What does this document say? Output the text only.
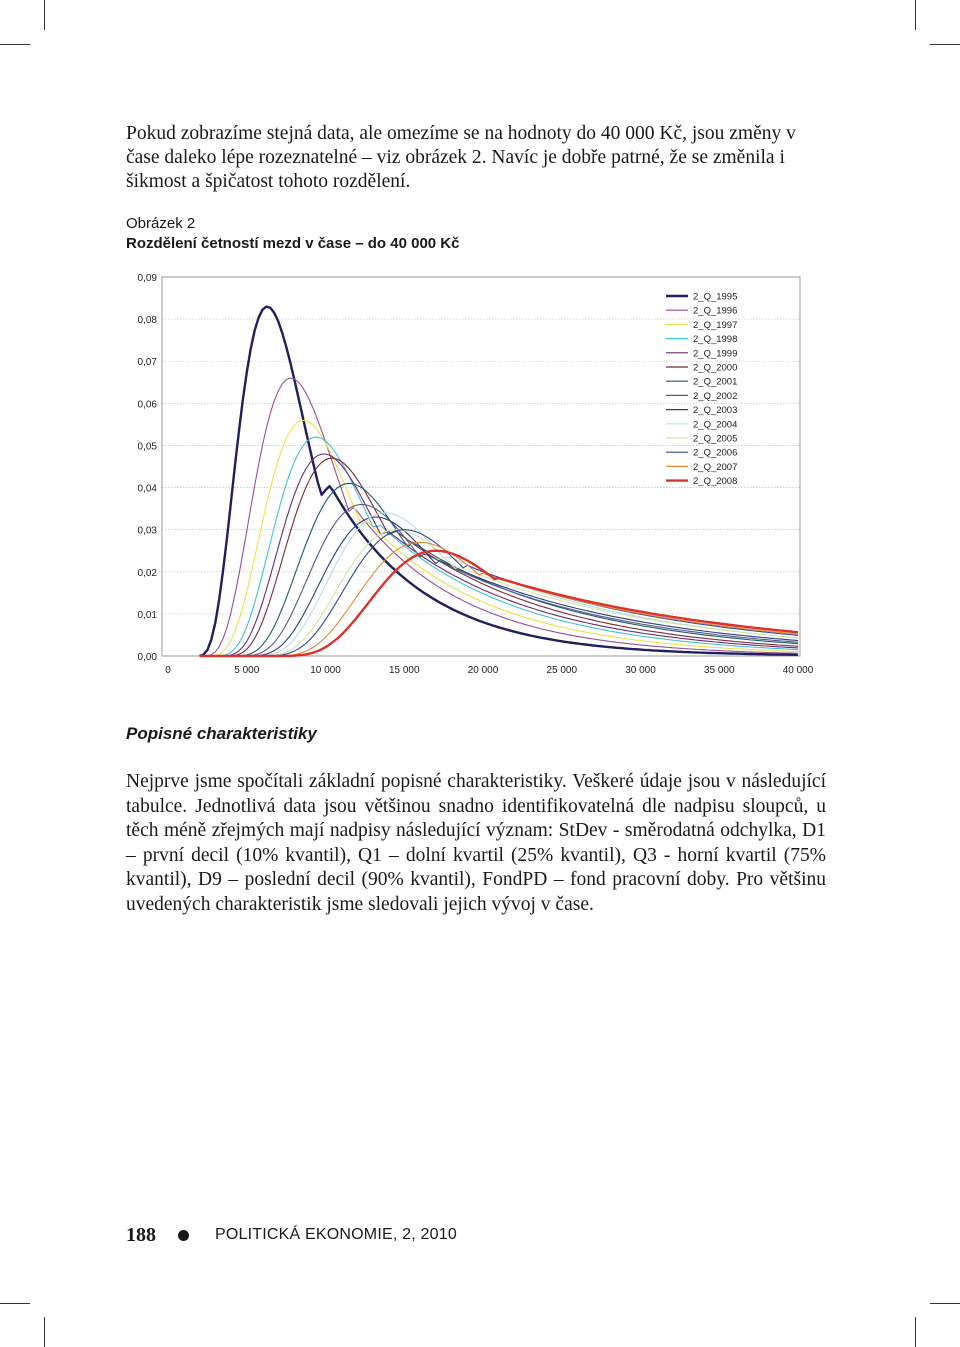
Pokud zobrazíme stejná data, ale omezíme se na hodnoty do 40 000 Kč, jsou změny v čase daleko lépe rozeznatelné – viz obrázek 2. Navíc je dobře patrné, že se změnila i šikmost a špičatost tohoto rozdělení.

Obrázek 2
Rozdělení četností mezd v čase – do 40 000 Kč
0,00
0,01
0,02
0,03
0,04
0,05
0,06
0,07
0,08
0,09
0	5 000	10 000	15 000	20 000	25 000	30 000	35 000	40 000
2_Q_1995
2_Q_1996
2_Q_1997
2_Q_1998
2_Q_1999
2_Q_2000
2_Q_2001
2_Q_2002
2_Q_2003
2_Q_2004
2_Q_2005
2_Q_2006
2_Q_2007
2_Q_2008
Popisné charakteristiky

Nejprve jsme spočítali základní popisné charakteristiky. Veškeré údaje jsou v následující tabulce. Jednotlivá data jsou většinou snadno identifikovatelná dle nadpisu sloupců, u těch méně zřejmých mají nadpisy následující význam: StDev - směrodatná odchylka, D1 – první decil (10% kvantil), Q1 – dolní kvartil (25% kvantil), Q3 - horní kvartil (75% kvantil), D9 – poslední decil (90% kvantil), FondPD – fond pracovní doby. Pro většinu uvedených charakteristik jsme sledovali jejich vývoj v čase.

188	POLITICKÁ EKONOMIE, 2, 2010
